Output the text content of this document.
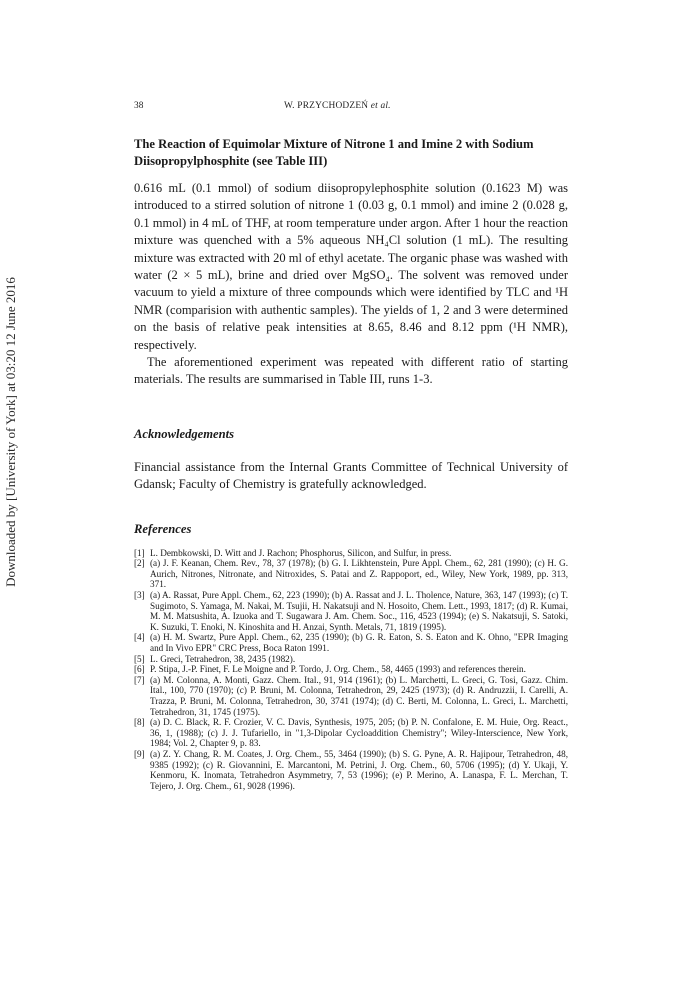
Downloaded by [University of York] at 03:20 12 June 2016
38	W. PRZYCHODZEŃ et al.
The Reaction of Equimolar Mixture of Nitrone 1 and Imine 2 with Sodium Diisopropylphosphite (see Table III)

0.616 mL (0.1 mmol) of sodium diisopropylephosphite solution (0.1623 M) was introduced to a stirred solution of nitrone 1 (0.03 g, 0.1 mmol) and imine 2 (0.028 g, 0.1 mmol) in 4 mL of THF, at room temperature under argon. After 1 hour the reaction mixture was quenched with a 5% aqueous NH₄Cl solution (1 mL). The resulting mixture was extracted with 20 ml of ethyl acetate. The organic phase was washed with water (2 × 5 mL), brine and dried over MgSO₄. The solvent was removed under vacuum to yield a mixture of three compounds which were identified by TLC and ¹H NMR (comparision with authentic samples). The yields of 1, 2 and 3 were determined on the basis of relative peak intensities at 8.65, 8.46 and 8.12 ppm (¹H NMR), respectively.

The aforementioned experiment was repeated with different ratio of starting materials. The results are summarised in Table III, runs 1-3.

Acknowledgements

Financial assistance from the Internal Grants Committee of Technical University of Gdansk; Faculty of Chemistry is gratefully acknowledged.

References
[1] L. Dembkowski, D. Witt and J. Rachon; Phosphorus, Silicon, and Sulfur, in press.
[2] (a) J. F. Keanan, Chem. Rev., 78, 37 (1978); (b) G. I. Likhtenstein, Pure Appl. Chem., 62, 281 (1990); (c) H. G. Aurich, Nitrones, Nitronate, and Nitroxides, S. Patai and Z. Rappoport, ed., Wiley, New York, 1989, pp. 313, 371.
[3] (a) A. Rassat, Pure Appl. Chem., 62, 223 (1990); (b) A. Rassat and J. L. Tholence, Nature, 363, 147 (1993); (c) T. Sugimoto, S. Yamaga, M. Nakai, M. Tsujii, H. Nakatsuji and N. Hosoito, Chem. Lett., 1993, 1817; (d) R. Kumai, M. M. Matsushita, A. Izuoka and T. Sugawara J. Am. Chem. Soc., 116, 4523 (1994); (e) S. Nakatsuji, S. Satoki, K. Suzuki, T. Enoki, N. Kinoshita and H. Anzai, Synth. Metals, 71, 1819 (1995).
[4] (a) H. M. Swartz, Pure Appl. Chem., 62, 235 (1990); (b) G. R. Eaton, S. S. Eaton and K. Ohno, "EPR Imaging and In Vivo EPR" CRC Press, Boca Raton 1991.
[5] L. Greci, Tetrahedron, 38, 2435 (1982).
[6] P. Stipa, J.-P. Finet, F. Le Moigne and P. Tordo, J. Org. Chem., 58, 4465 (1993) and references therein.
[7] (a) M. Colonna, A. Monti, Gazz. Chem. Ital., 91, 914 (1961); (b) L. Marchetti, L. Greci, G. Tosi, Gazz. Chim. Ital., 100, 770 (1970); (c) P. Bruni, M. Colonna, Tetrahedron, 29, 2425 (1973); (d) R. Andruzzii, I. Carelli, A. Trazza, P. Bruni, M. Colonna, Tetrahedron, 30, 3741 (1974); (d) C. Berti, M. Colonna, L. Greci, L. Marchetti, Tetrahedron, 31, 1745 (1975).
[8] (a) D. C. Black, R. F. Crozier, V. C. Davis, Synthesis, 1975, 205; (b) P. N. Confalone, E. M. Huie, Org. React., 36, 1, (1988); (c) J. J. Tufariello, in "1,3-Dipolar Cycloaddition Chemistry"; Wiley-Interscience, New York, 1984; Vol. 2, Chapter 9, p. 83.
[9] (a) Z. Y. Chang, R. M. Coates, J. Org. Chem., 55, 3464 (1990); (b) S. G. Pyne, A. R. Hajipour, Tetrahedron, 48, 9385 (1992); (c) R. Giovannini, E. Marcantoni, M. Petrini, J. Org. Chem., 60, 5706 (1995); (d) Y. Ukaji, Y. Kenmoru, K. Inomata, Tetrahedron Asymmetry, 7, 53 (1996); (e) P. Merino, A. Lanaspa, F. L. Merchan, T. Tejero, J. Org. Chem., 61, 9028 (1996).
